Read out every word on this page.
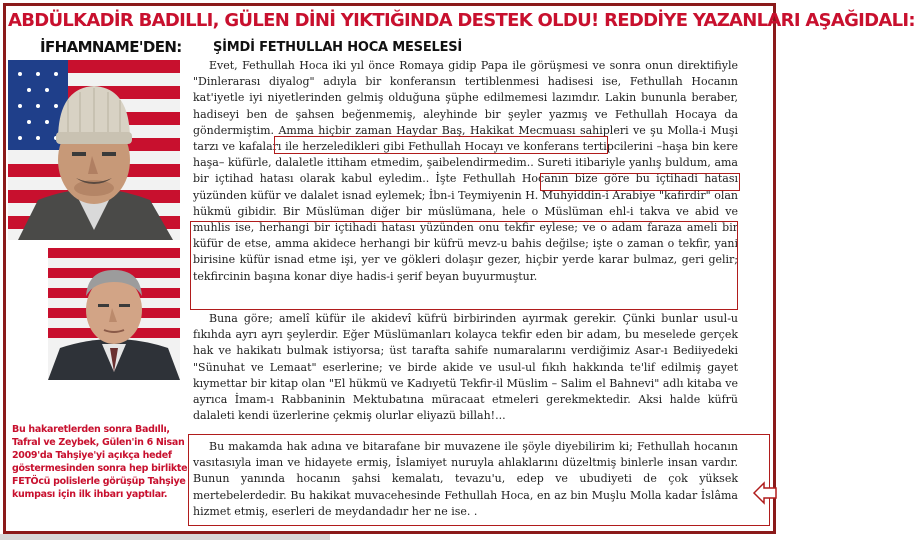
ABDÜLKADİR BADILLI, GÜLEN DİNİ YIKTIĞINDA DESTEK OLDU! REDDİYE YAZANLARI AŞAĞIDALI:
İFHAMNAME'DEN: ŞİMDİ FETHULLAH HOCA MESELESİ
Bu hakaretlerden sonra Badıllı, Tafral ve Zeybek, Gülen'in 6 Nisan 2009'da Tahşiye'yi açıkça hedef göstermesinden sonra hep birlikte FETÖcü polislerle görüşüp Tahşiye kumpası için ilk ihbarı yaptılar.

Evet, Fethullah Hoca iki yıl önce Romaya gidip Papa ile görüşmesi ve sonra onun direktifiyle "Dinlerarası diyalog" adıyla bir konferansın tertiblenmesi hadisesi ise, Fethullah Hocanın kat'iyetle iyi niyetlerinden gelmiş olduğuna şüphe edilmemesi lazımdır. Lakin bununla beraber, hadiseyi ben de şahsen beğenmemiş, aleyhinde bir şeyler yazmış ve Fethullah Hocaya da göndermiştim. Amma hiçbir zaman Haydar Baş, Hakikat Mecmuası sahipleri ve şu Molla-i Muşi tarzı ve kafaları ile herzeledikleri gibi Fethullah Hocayı ve konferans tertipcilerini –haşa bin kere haşa– küfürle, dalaletle ittiham etmedim, şaibelendirmedim.. Sureti itibariyle yanlış buldum, ama bir içtihad hatası olarak kabul eyledim.. İşte Fethullah Hocanın bize göre bu içtihadi hatası yüzünden küfür ve dalalet isnad eylemek; İbn-i Teymiyenin H. Muhyiddin-i Arabiye "kafirdir" olan hükmü gibidir. Bir Müslüman diğer bir müslümana, hele o Müslüman ehl-i takva ve abid ve muhlis ise, herhangi bir içtihadi hatası yüzünden onu tekfir eylese; ve o adam faraza ameli bir küfür de etse, amma akidece herhangi bir küfrü mevz-u bahis değilse; işte o zaman o tekfir, yani birisine küfür isnad etme işi, yer ve gökleri dolaşır gezer, hiçbir yerde karar bulmaz, geri gelir; tekfircinin başına konar diye hadis-i şerif beyan buyurmuştur.

Buna göre; amelî küfür ile akidevî küfrü birbirinden ayırmak gerekir. Çünki bunlar usul-u fıkıhda ayrı ayrı şeylerdir. Eğer Müslümanları kolayca tekfir eden bir adam, bu meselede gerçek hak ve hakikatı bulmak istiyorsa; üst tarafta sahife numaralarını verdiğimiz Asar-ı Bediiyedeki "Sünuhat ve Lemaat" eserlerine; ve birde akide ve usul-ul fıkıh hakkında te'lif edilmiş gayet kıymettar bir kitap olan "El hükmü ve Kadıyetü Tekfir-il Müslim – Salim el Bahnevi" adlı kitaba ve ayrıca İmam-ı Rabbaninin Mektubatına müracaat etmeleri gerekmektedir. Aksi halde küfrü dalaleti kendi üzerlerine çekmiş olurlar eliyazü billah!...

Bu makamda hak adına ve bitarafane bir muvazene ile şöyle diyebilirim ki; Fethullah hocanın vasıtasıyla iman ve hidayete ermiş, İslamiyet nuruyla ahlaklarını düzeltmiş binlerle insan vardır. Bunun yanında hocanın şahsi kemalatı, tevazu'u, edep ve ubudiyeti de çok yüksek mertebelerdedir. Bu hakikat muvacehesinde Fethullah Hoca, en az bin Muşlu Molla kadar İslâma hizmet etmiş, eserleri de meydandadır her ne ise. .
